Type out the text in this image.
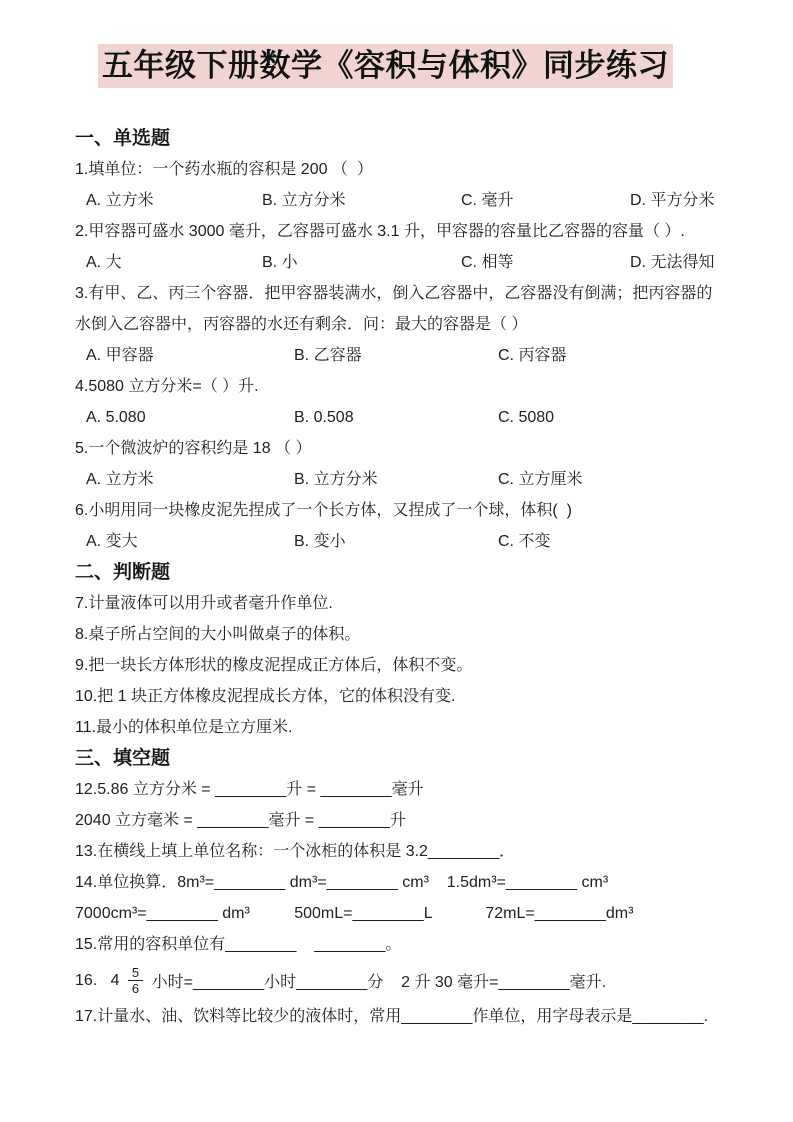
五年级下册数学《容积与体积》同步练习
一、单选题

1.填单位：一个药水瓶的容积是 200 （  ）

A. 立方米	B. 立方分米	C. 毫升	D. 平方分米

2.甲容器可盛水 3000 毫升，乙容器可盛水 3.1 升，甲容器的容量比乙容器的容量（ ）.

A. 大	B. 小	C. 相等	D. 无法得知

3.有甲、乙、丙三个容器．把甲容器装满水，倒入乙容器中，乙容器没有倒满；把丙容器的水倒入乙容器中，丙容器的水还有剩余．问：最大的容器是（ ）

A. 甲容器	B. 乙容器	C. 丙容器

4.5080 立方分米=（ ）升.

A. 5.080	B. 0.508	C. 5080

5.一个微波炉的容积约是 18 （ ）

A. 立方米	B. 立方分米	C. 立方厘米

6.小明用同一块橡皮泥先捏成了一个长方体，又捏成了一个球，体积(  )

A. 变大	B. 变小	C. 不变
二、判断题

7.计量液体可以用升或者毫升作单位.

8.桌子所占空间的大小叫做桌子的体积。

9.把一块长方体形状的橡皮泥捏成正方体后，体积不变。

10.把 1 块正方体橡皮泥捏成长方体，它的体积没有变.

11.最小的体积单位是立方厘米.

三、填空题

12.5.86 立方分米 = ________升 = ________毫升

2040 立方毫米 = ________毫升 = ________升

13.在横线上填上单位名称：一个冰柜的体积是 3.2________．

14.单位换算．8m³=________ dm³=________ cm³    1.5dm³=________ cm³

7000cm³=________ dm³          500mL=________L            72mL=________dm³

15.常用的容积单位有________    ________。

16.   $4 \frac{5}{6}$ 小时=________小时________分    2 升 30 毫升=________毫升.

17.计量水、油、饮料等比较少的液体时，常用________作单位，用字母表示是________.
